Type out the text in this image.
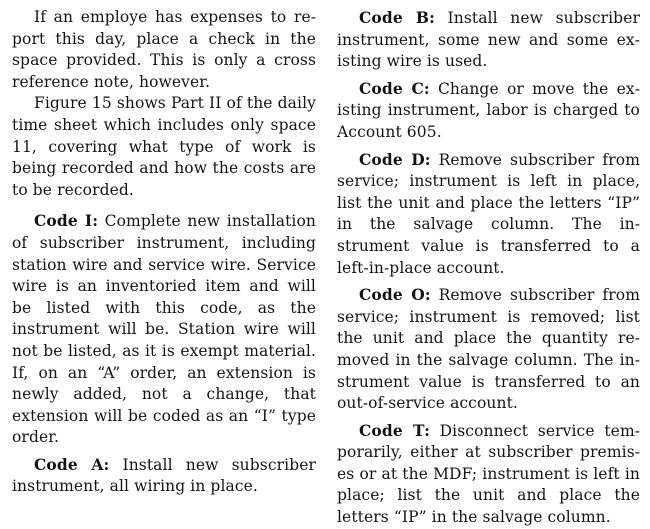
If an employe has expenses to report this day, place a check in the space provided. This is only a cross reference note, however.

Figure 15 shows Part II of the daily time sheet which includes only space 11, covering what type of work is being recorded and how the costs are to be recorded.

Code I: Complete new installation of subscriber instrument, including station wire and service wire. Service wire is an inventoried item and will be listed with this code, as the instrument will be. Station wire will not be listed, as it is exempt material. If, on an “A” order, an extension is newly added, not a change, that extension will be coded as an “I” type order.

Code A: Install new subscriber instrument, all wiring in place.

Code B: Install new subscriber instrument, some new and some existing wire is used.

Code C: Change or move the existing instrument, labor is charged to Account 605.

Code D: Remove subscriber from service; instrument is left in place, list the unit and place the letters “IP” in the salvage column. The instrument value is transferred to a left-in-place account.

Code O: Remove subscriber from service; instrument is removed; list the unit and place the quantity removed in the salvage column. The instrument value is transferred to an out-of-service account.

Code T: Disconnect service temporarily, either at subscriber premises or at the MDF; instrument is left in place; list the unit and place the letters “IP” in the salvage column.
